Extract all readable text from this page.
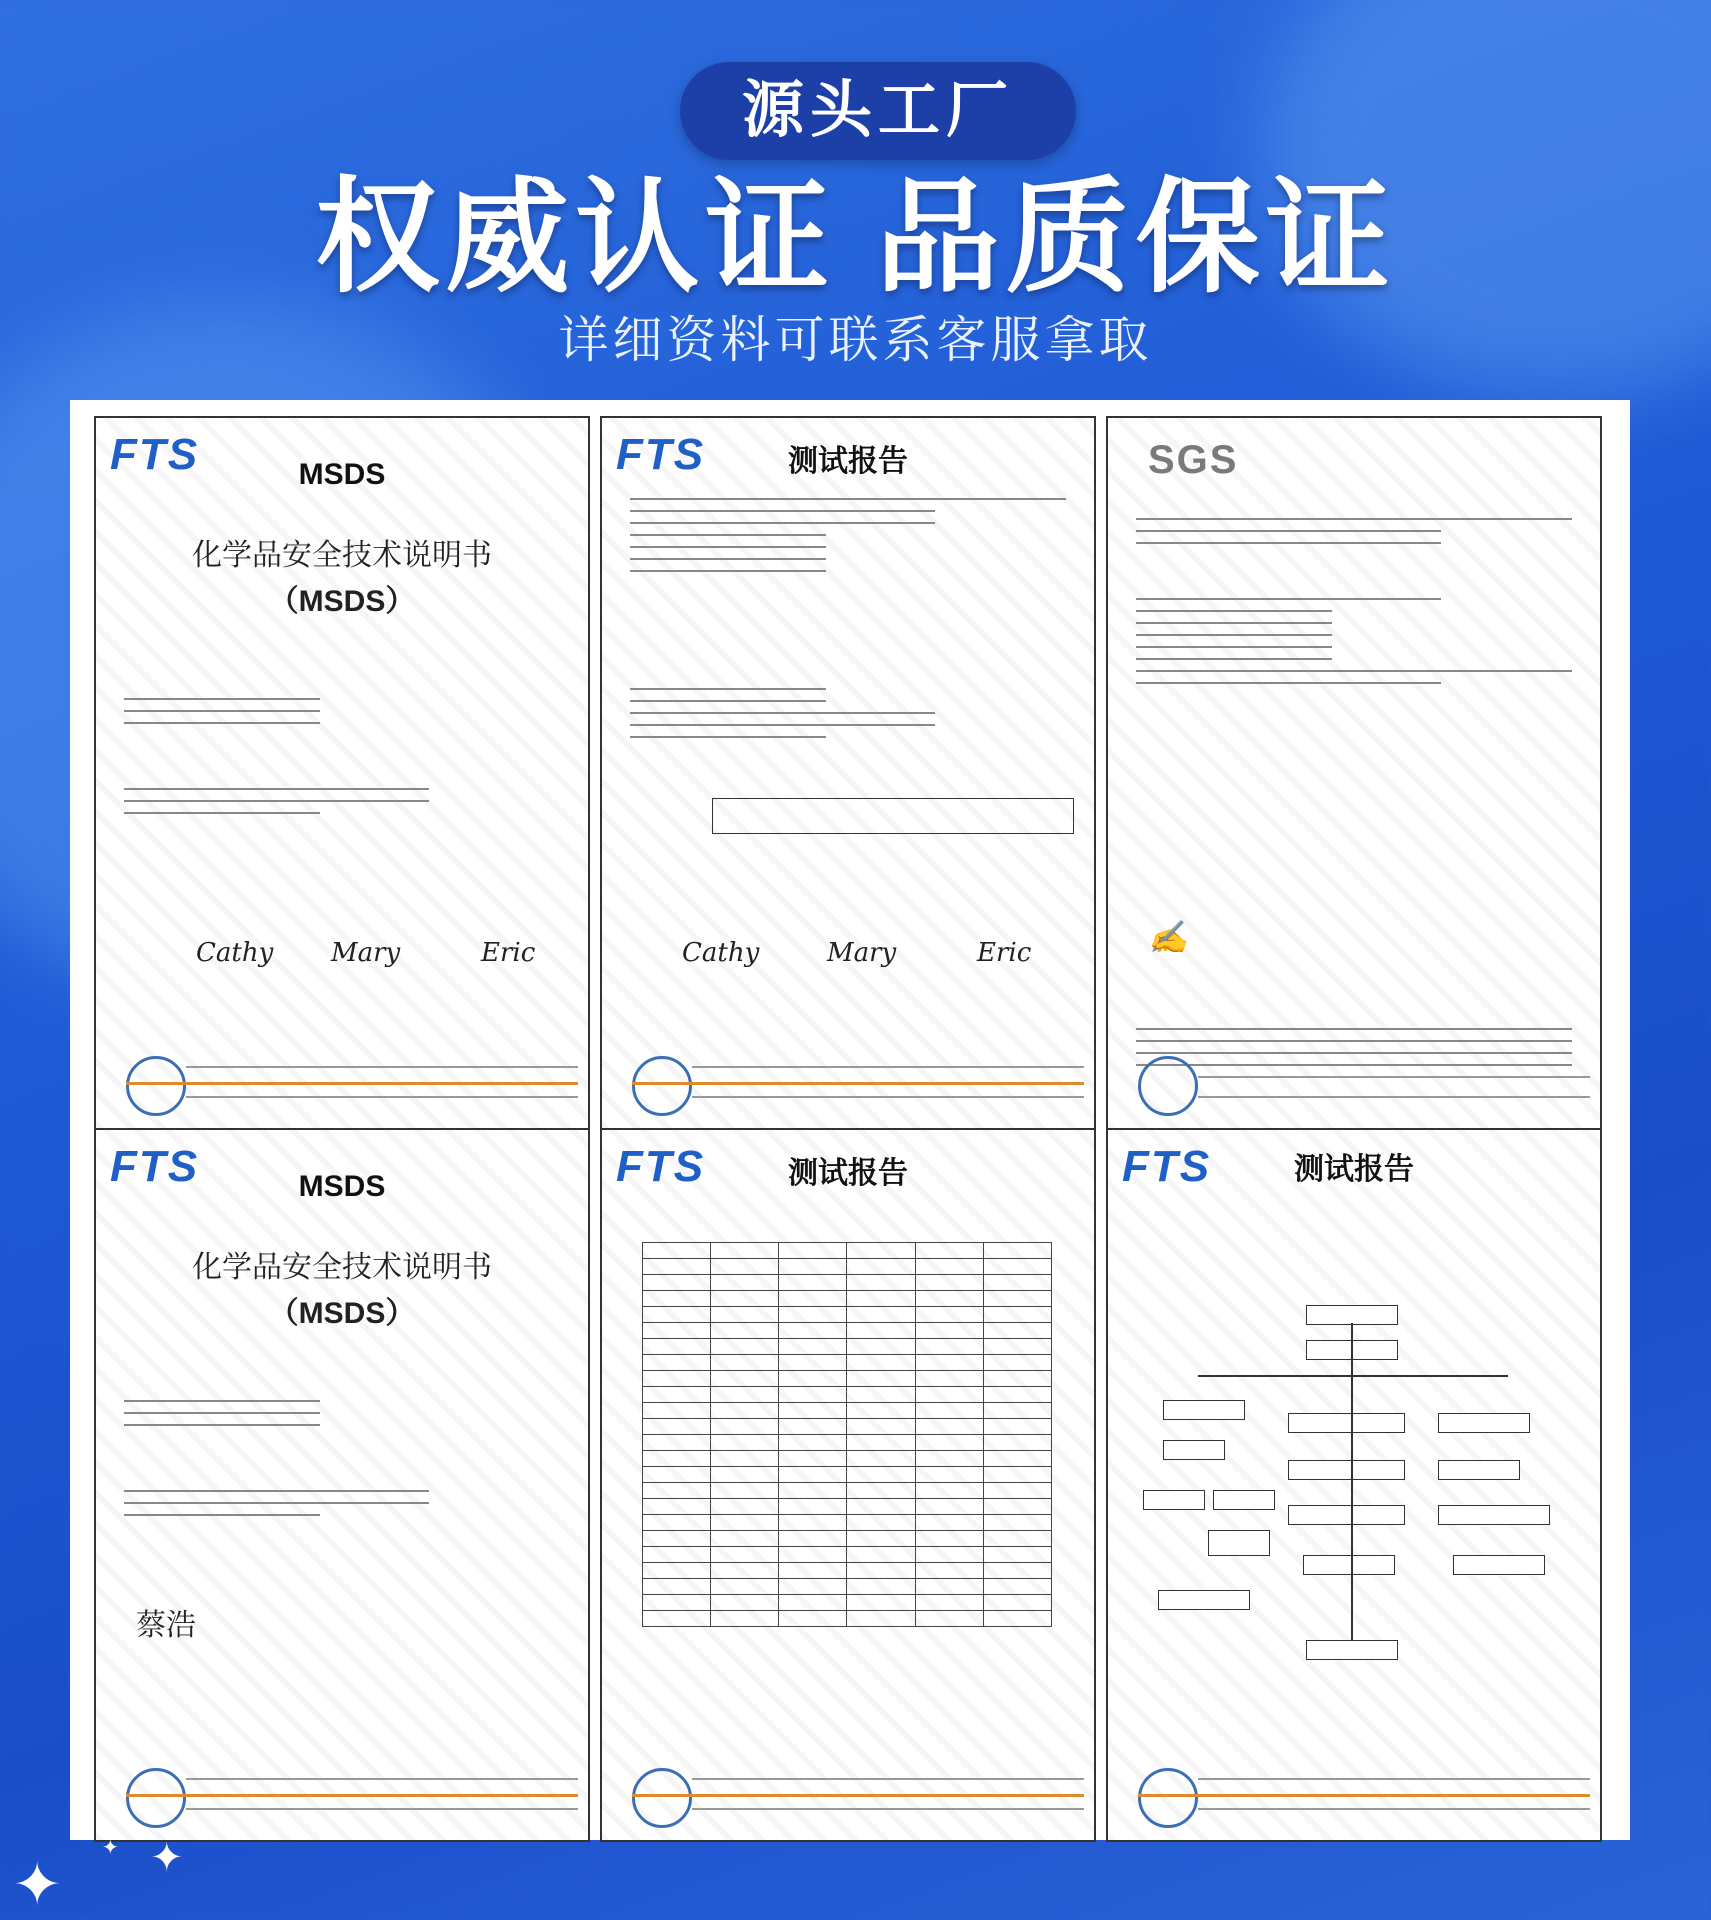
源头工厂
权威认证 品质保证
详细资料可联系客服拿取
FTS	MSDS
化学品安全技术说明书
（MSDS）
Cathy Mary	Eric
FTS	测试报告
Cathy	Mary	Eric
SGS
✍
FTS	MSDS
化学品安全技术说明书
（MSDS）
蔡浩
FTS	测试报告

						FTS	测试报告
✦ ✦
✦
